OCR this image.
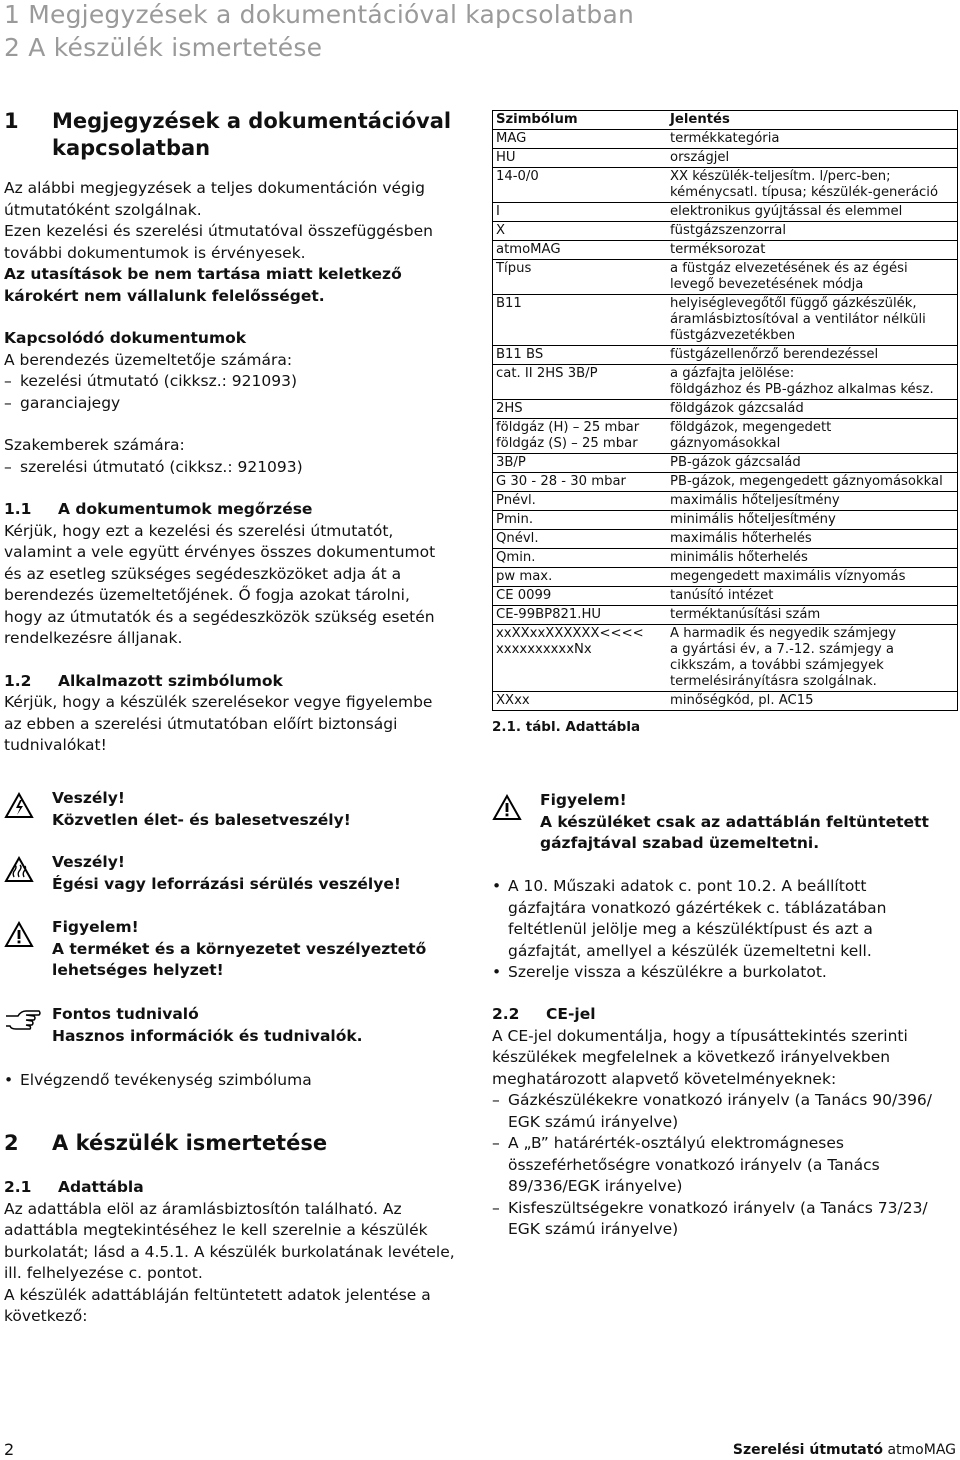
1 Megjegyzések a dokumentációval kapcsolatban
2 A készülék ismertetése
1	Megjegyzések a dokumentációval
kapcsolatban

Az alábbi megjegyzések a teljes dokumentáción végig

útmutatóként szolgálnak.

Ezen kezelési és szerelési útmutatóval összefüggésben

további dokumentumok is érvényesek.

Az utasítások be nem tartása miatt keletkező

károkért nem vállalunk felelősséget.

Kapcsolódó dokumentumok

A berendezés üzemeltetője számára:

– kezelési útmutató (cikksz.: 921093)
– garanciajegy

Szakemberek számára:

– szerelési útmutató (cikksz.: 921093)
1.1	A dokumentumok megőrzése

Kérjük, hogy ezt a kezelési és szerelési útmutatót,

valamint a vele együtt érvényes összes dokumentumot

és az esetleg szükséges segédeszközöket adja át a

berendezés üzemeltetőjének. Ő fogja azokat tárolni,

hogy az útmutatók és a segédeszközök szükség esetén

rendelkezésre álljanak.

1.2	Alkalmazott szimbólumok

Kérjük, hogy a készülék szerelésekor vegye figyelembe

az ebben a szerelési útmutatóban előírt biztonsági

tudnivalókat!

Veszély!

Közvetlen élet- és balesetveszély!

Veszély!

Égési vagy leforrázási sérülés veszélye!

Figyelem!

A terméket és a környezetet veszélyeztető

lehetséges helyzet!

Fontos tudnivaló

Hasznos információk és tudnivalók.

• Elvégzendő tevékenység szimbóluma
2	A készülék ismertetése
2.1	Adattábla

Az adattábla elöl az áramlásbiztosítón található. Az

adattábla megtekintéséhez le kell szerelnie a készülék

burkolatát; lásd a 4.5.1. A készülék burkolatának levétele,

ill. felhelyezése c. pontot.

A készülék adattábláján feltüntetett adatok jelentése a

következő:

Szimbólum	Jelentés
MAG	termékkategória
HU	országjel
14-0/0	XX készülék-teljesítm. l/perc-ben;
kéménycsatl. típusa; készülék-generáció
I	elektronikus gyújtással és elemmel
X	füstgázszenzorral
atmoMAG	terméksorozat
Típus	a füstgáz elvezetésének és az égési
levegő bevezetésének módja
B11	helyiséglevegőtől függő gázkészülék,
áramlásbiztosítóval a ventilátor nélküli
füstgázvezetékben

B11 BS	füstgázellenőrző berendezéssel
cat. II 2HS 3B/P	a gázfajta jelölése:
földgázhoz és PB-gázhoz alkalmas kész.
2HS	földgázok gázcsalád
földgáz (H) – 25 mbar
földgáz (S) – 25 mbar	földgázok, megengedett
gáznyomásokkal
3B/P	PB-gázok gázcsalád
G 30 - 28 - 30 mbar	PB-gázok, megengedett gáznyomásokkal
Pnévl.	maximális hőteljesítmény
Pmin.	minimális hőteljesítmény
Qnévl.	maximális hőterhelés
Qmin.	minimális hőterhelés
pw max.	megengedett maximális víznyomás
CE 0099	tanúsító intézet
CE-99BP821.HU	terméktanúsítási szám
xxXXxxXXXXXX<<<<
xxxxxxxxxxNx	A harmadik és negyedik számjegy
a gyártási év, a 7.-12. számjegy a
cikkszám, a további számjegyek
termelésirányításra szolgálnak.
XXxx	minőségkód, pl. AC15

2.1. tábl. Adattábla

Figyelem!

A készüléket csak az adattáblán feltüntetett

gázfajtával szabad üzemeltetni.

• A 10. Műszaki adatok c. pont 10.2. A beállított
gázfajtára vonatkozó gázértékek c. táblázatában
feltétlenül jelölje meg a készüléktípust és azt a
gázfajtát, amellyel a készülék üzemeltetni kell.
• Szerelje vissza a készülékre a burkolatot.
2.2	CE-jel

A CE-jel dokumentálja, hogy a típusáttekintés szerinti

készülékek megfelelnek a következő irányelvekben

meghatározott alapvető követelményeknek:

– Gázkészülékekre vonatkozó irányelv (a Tanács 90/396/
EGK számú irányelve)
– A „B” határérték-osztályú elektromágneses
összeférhetőségre vonatkozó irányelv (a Tanács
89/336/EGK irányelve)
– Kisfeszültségekre vonatkozó irányelv (a Tanács 73/23/
EGK számú irányelve)
2	Szerelési útmutató atmoMAG
